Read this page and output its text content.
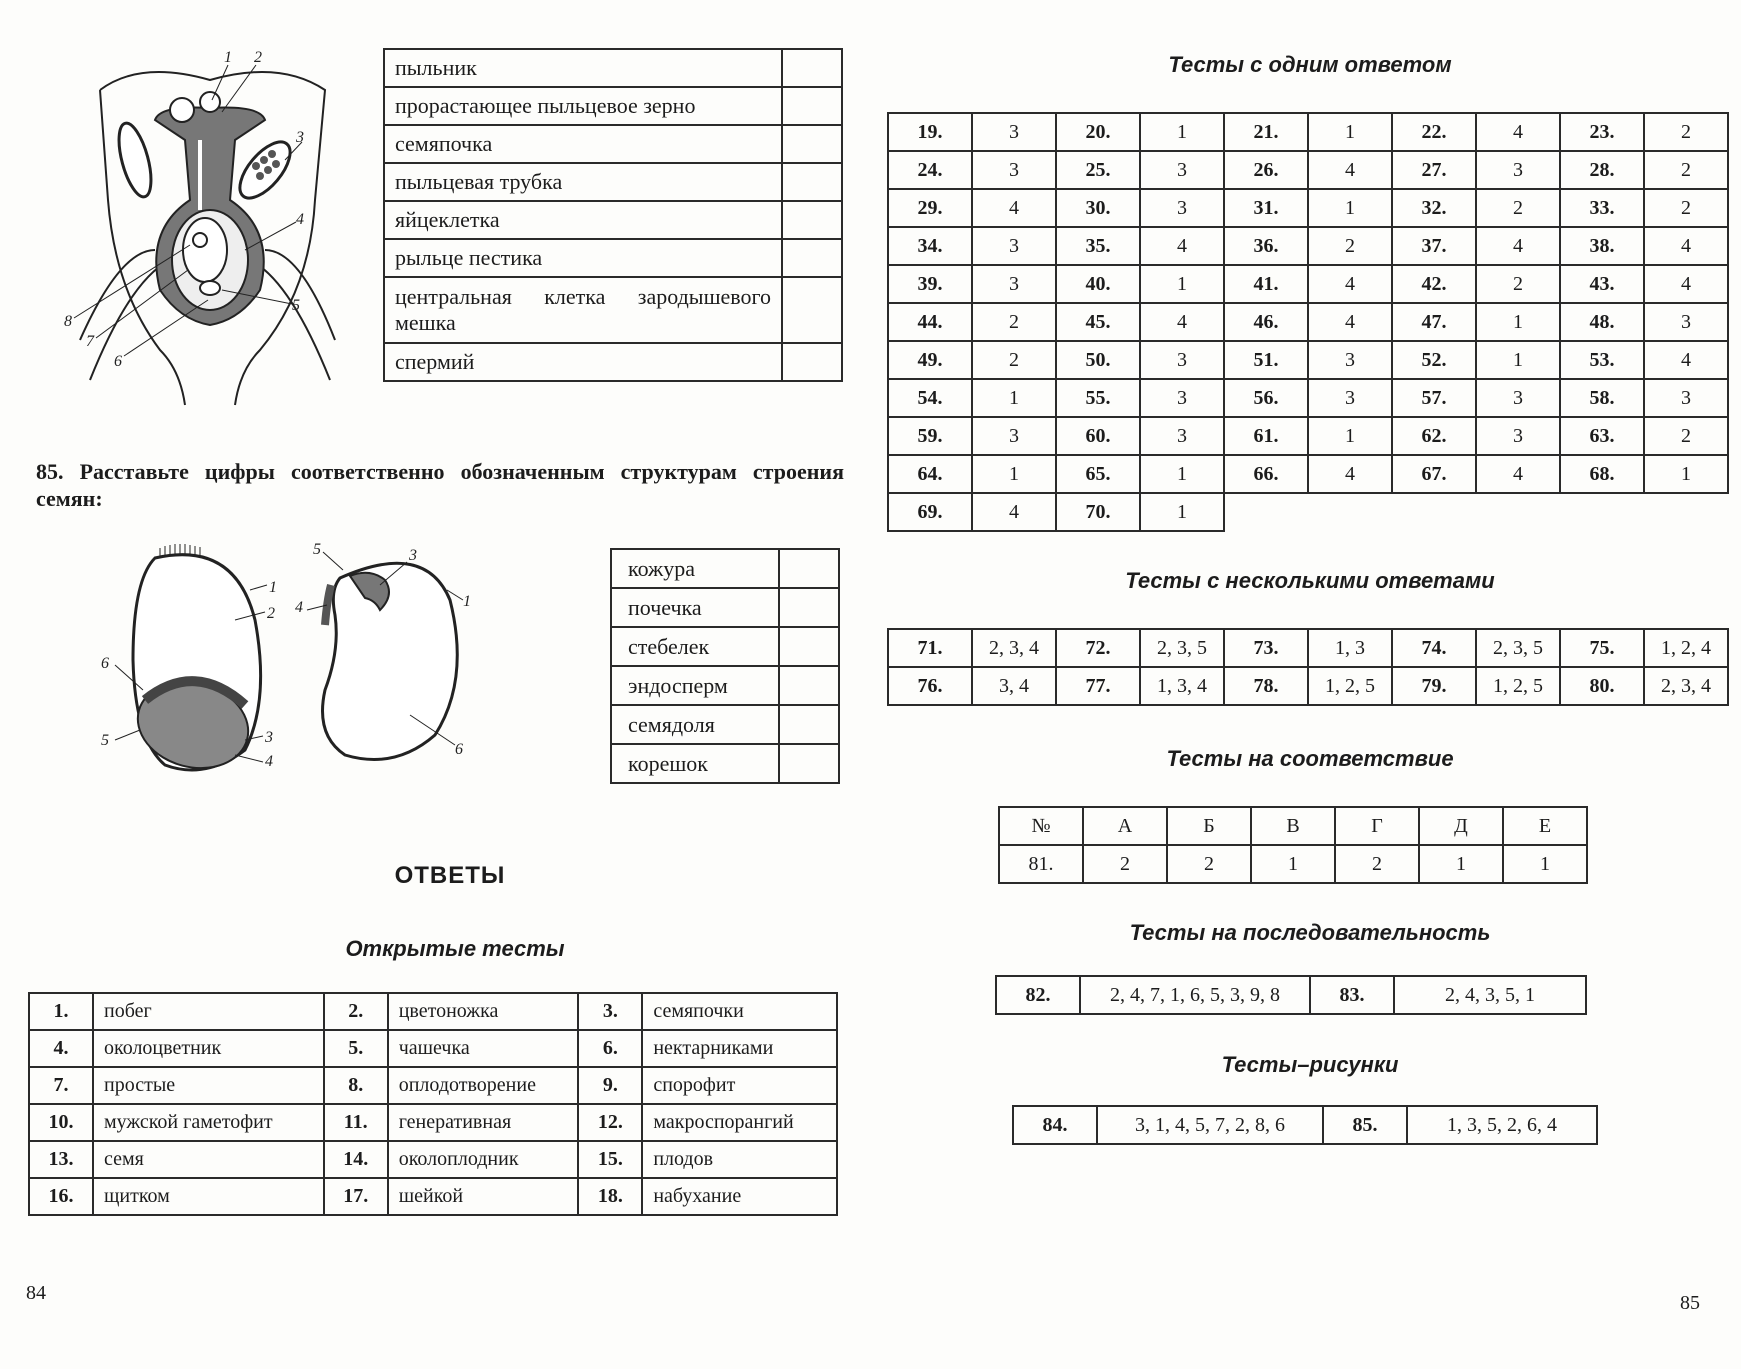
1 2
3
4
5
6
7
8
пыльник	
прорастающее пыльцевое зерно	
семяпочка	
пыльцевая трубка	
яйцеклетка	
рыльце пестика	
центральная клетка зародышевого мешка	
спермий	
85. Расставьте цифры соответственно обозначенным структурам строения семян:
1
2
3
4
5
6
1
3
4
5
6
кожура	
почечка	
стебелек	
эндосперм	
семядоля	
корешок	
ОТВЕТЫ
Открытые тесты
1.	побег	2.	цветоножка	3.	семяпочки
4.	околоцветник	5.	чашечка	6.	нектарниками
7.	простые	8.	оплодотворение	9.	спорофит
10.	мужской гаметофит	11.	генеративная	12.	макроспорангий
13.	семя	14.	околоплодник	15.	плодов
16.	щитком	17.	шейкой	18.	набухание
84
Тесты с одним ответом
19.	3	20.	1	21.	1	22.	4	23.	2
24.	3	25.	3	26.	4	27.	3	28.	2
29.	4	30.	3	31.	1	32.	2	33.	2
34.	3	35.	4	36.	2	37.	4	38.	4
39.	3	40.	1	41.	4	42.	2	43.	4
44.	2	45.	4	46.	4	47.	1	48.	3
49.	2	50.	3	51.	3	52.	1	53.	4
54.	1	55.	3	56.	3	57.	3	58.	3
59.	3	60.	3	61.	1	62.	3	63.	2
64.	1	65.	1	66.	4	67.	4	68.	1
69.	4	70.	1						
Тесты с несколькими ответами
71.	2, 3, 4	72.	2, 3, 5	73.	1, 3	74.	2, 3, 5	75.	1, 2, 4
76.	3, 4	77.	1, 3, 4	78.	1, 2, 5	79.	1, 2, 5	80.	2, 3, 4
Тесты на соответствие
№	А	Б	В	Г	Д	Е
81.	2	2	1	2	1	1
Тесты на последовательность
82.	2, 4, 7, 1, 6, 5, 3, 9, 8	83.	2, 4, 3, 5, 1
Тесты–рисунки
84.	3, 1, 4, 5, 7, 2, 8, 6	85.	1, 3, 5, 2, 6, 4
85
